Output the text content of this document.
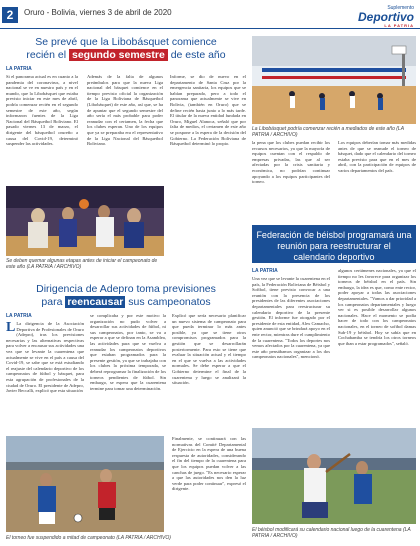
2	Oruro - Bolivia, viernes 3 de abril de 2020	Suplemento
Deportivo
LA PATRIA
Se prevé que la Libobásquet comience
recién el segundo semestre de este año
LA PATRIA
Si el panorama actual es en cuanto a la pandemia del coronavirus, a nivel nacional se ve en nuestro país y en el mundo, que la Libobásquet que estaba previsto iniciar en este mes de abril, podría comenzar recién en el segundo semestre de este año, según informaron fuentes de la Liga Nacional del Básquetbol Boliviano. El pasado viernes 13 de marzo, el dirigente del básquetbol orureño a causa del Covid-19, determinó suspender las actividades.
Además de la falta de algunos preámbulos para que la nueva Liga nacional del básquet comience en el tiempo previsto oficial la organización de la Liga Boliviana de Básquetbol (Libobásquet) de este año, así que, se ha de apuntar que el segundo semestre del año sería el más probable para poder reanudar con el certamen, la fecha que los clubes esperan. Uno de los equipos que ya se preparaba era el representativo de la Liga Nacional del Básquetbol Boliviano.
Informe, se dio de nuevo en el departamento de Santa Cruz por la emergencia sanitaria, los equipos que se habían preparado, pero a todo el panorama que actualmente se vive en Bolivia, (también en Oruro) que se define recién hasta junio a lo más tarde. El titular de la nueva entidad fundada en Oruro, Miguel Alanoca, señaló que por falta de medios, el certamen de este año se pospone a la espera de la decisión del Gobierno. La Federación Boliviana de Básquetbol determinó lo propio.
Se deben quemar algunas etapas antes de iniciar el campeonato de este año (LA PATRIA / ARCHIVO)
La Libobásquet podría comenzar recién a mediados de este año (LA PATRIA / ARCHIVO)
la pena que los clubes puedan recibir los recursos necesarios, ya que la mayoría de equipos cuentan con el respaldo de empresas privadas, las que al ser afectadas por la crisis sanitaria y económica, no podrían continuar apoyando a los equipos participantes del torneo.
Los equipos deberían tomar más medidas antes de que se reanude el torneo de básquet, dado que el calendario del torneo estaba previsto para que en el mes de abril, con la participación de equipos de varios departamentos del país.
Federación de béisbol programará una reunión para reestructurar el calendario deportivo
LA PATRIA
Una vez que se levante la cuarentena en el país, la Federación Boliviana de Béisbol y Softbol, tiene previsto convocar a una reunión con la presencia de los presidentes de las diferentes asociaciones departamentales para reestructurar su calendario deportivo de la presente gestión. El informe fue otorgado por el presidente de esta entidad, Alex Camacho, quien anunció que se brindará apoyo en el ente rector, mientras dure el cumplimiento de la cuarentena. "Todos los deportes nos vemos afectados por la cuarentena, ya que este año pensábamos organizar a los dos campeonatos nacionales", mencionó.
algunos certámenes nacionales, ya que el tiempo no les favorece para organizar los torneos de béisbol en el país. Sin embargo, la idea es que, como ente rector, poder apoyar a todas las asociaciones departamentales. "Vamos a dar prioridad a los campeonatos departamentales y luego ver si es posible desarrollar algunos nacionales. Hace el momento se podía hacer de todo con los campeonatos nacionales, en el torneo de softbol damas Sub-19 y béisbol. Hoy se sabía que en Cochabamba se tendría los otros torneos que iban a estar programados", señaló.
El béisbol modificará su calendario nacional luego de la cuarentena (LA PATRIA / ARCHIVO)
Dirigencia de Adepro toma previsiones
para reencausar sus campeonatos
LA PATRIA
L La dirigencia de la Asociación Deportiva de Profesionales de Oruro (Adepro), tras los previsiones necesarias y las alternativas respectivas para volver a encausar sus actividades una vez que se levante la cuarentena que actualmente se vive en el país a causa del Covid-19, se sabe que se está estudiando el reajuste del calendario deportivo de los campeonatos de fútbol y básquet, para esta agrupación de profesionales de la ciudad de Oruro. El presidente de Adepro, Javier Beccalli, explicó que esta situación
se complicaba y por este motivo la organización no pudo volver a desarrollar sus actividades de fútbol, ni sus campeonatos, por tanto, se va a esperar a que se definan en la Asamblea, las actividades para que se vuelva a reanudar los campeonatos deportivos que estaban programados para la presente gestión, ya que se trabajaba con los clubes la próxima temporada, se deberá reprogramar la finalización de los torneos pendientes de fútbol. Sin embargo, se espera que la cuarentena termine para tomar una determinación.
Explicó que sería necesario planificar un nuevo sistema de campeonato para que pueda terminar lo más antes posible, ya que se tiene otros compromisos programados para la gestión que se desarrollarán posteriormente. Para esto se tiene que evaluar la situación actual y el tiempo en el que se vuelva a las actividades normales. Se debe esperar a que el Gobierno determine el final de la cuarentena y luego se analizará la situación.
El torneo fue suspendido a mitad de campeonato (LA PATRIA / ARCHIVO)
Finalmente, se continuará con las normativas del Comité Departamental de Ejercicio en la espera de una buena respuesta de autoridades, considerando el fin del tiempo de la cuarentena para que los equipos puedan volver a las canchas de juego. "Es necesario esperar a que las autoridades nos den la luz verde para poder continuar", expresó el dirigente.
